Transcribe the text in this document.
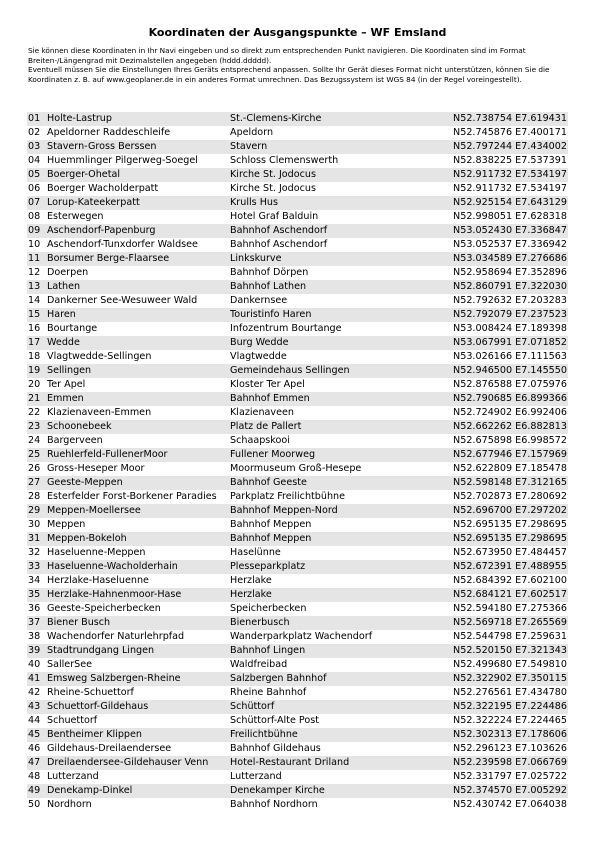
Koordinaten der Ausgangspunkte – WF Emsland

Sie können diese Koordinaten in Ihr Navi eingeben und so direkt zum entsprechenden Punkt navigieren. Die Koordinaten sind im Format Breiten-/Längengrad mit Dezimalstellen angegeben (hddd.ddddd).

Eventuell müssen Sie die Einstellungen Ihres Geräts entsprechend anpassen. Sollte Ihr Gerät dieses Format nicht unterstützen, können Sie die Koordinaten z. B. auf www.geoplaner.de in ein anderes Format umrechnen. Das Bezugssystem ist WGS 84 (in der Regel voreingestellt).

01 Holte-Lastrup	St.-Clemens-Kirche	N52.738754 E7.619431
02 Apeldorner Raddeschleife	Apeldorn	N52.745876 E7.400171
03 Stavern-Gross Berssen	Stavern	N52.797244 E7.434002
04 Huemmlinger Pilgerweg-Soegel	Schloss Clemenswerth	N52.838225 E7.537391
05 Boerger-Ohetal	Kirche St. Jodocus	N52.911732 E7.534197
06 Boerger Wacholderpatt	Kirche St. Jodocus	N52.911732 E7.534197
07 Lorup-Kateekerpatt	Krulls Hus	N52.925154 E7.643129
08 Esterwegen	Hotel Graf Balduin	N52.998051 E7.628318
09 Aschendorf-Papenburg	Bahnhof Aschendorf	N53.052430 E7.336847
10 Aschendorf-Tunxdorfer Waldsee	Bahnhof Aschendorf	N53.052537 E7.336942
11 Borsumer Berge-Flaarsee	Linkskurve	N53.034589 E7.276686
12 Doerpen	Bahnhof Dörpen	N52.958694 E7.352896
13 Lathen	Bahnhof Lathen	N52.860791 E7.322030
14 Dankerner See-Wesuweer Wald	Dankernsee	N52.792632 E7.203283
15 Haren	Touristinfo Haren	N52.792079 E7.237523
16 Bourtange	Infozentrum Bourtange	N53.008424 E7.189398
17 Wedde	Burg Wedde	N53.067991 E7.071852
18 Vlagtwedde-Sellingen	Vlagtwedde	N53.026166 E7.111563
19 Sellingen	Gemeindehaus Sellingen	N52.946500 E7.145550
20 Ter Apel	Kloster Ter Apel	N52.876588 E7.075976
21 Emmen	Bahnhof Emmen	N52.790685 E6.899366
22 Klazienaveen-Emmen	Klazienaveen	N52.724902 E6.992406
23 Schoonebeek	Platz de Pallert	N52.662262 E6.882813
24 Bargerveen	Schaapskooi	N52.675898 E6.998572
25 Ruehlerfeld-FullenerMoor	Fullener Moorweg	N52.677946 E7.157969
26 Gross-Heseper Moor	Moormuseum Groß-Hesepe	N52.622809 E7.185478
27 Geeste-Meppen	Bahnhof Geeste	N52.598148 E7.312165
28 Esterfelder Forst-Borkener Paradies	Parkplatz Freilichtbühne	N52.702873 E7.280692
29 Meppen-Moellersee	Bahnhof Meppen-Nord	N52.696700 E7.297202
30 Meppen	Bahnhof Meppen	N52.695135 E7.298695
31 Meppen-Bokeloh	Bahnhof Meppen	N52.695135 E7.298695
32 Haseluenne-Meppen	Haselünne	N52.673950 E7.484457
33 Haseluenne-Wacholderhain	Plesseparkplatz	N52.672391 E7.488955
34 Herzlake-Haseluenne	Herzlake	N52.684392 E7.602100
35 Herzlake-Hahnenmoor-Hase	Herzlake	N52.684121 E7.602517
36 Geeste-Speicherbecken	Speicherbecken	N52.594180 E7.275366
37 Biener Busch	Bienerbusch	N52.569718 E7.265569
38 Wachendorfer Naturlehrpfad	Wanderparkplatz Wachendorf	N52.544798 E7.259631
39 Stadtrundgang Lingen	Bahnhof Lingen	N52.520150 E7.321343
40 SallerSee	Waldfreibad	N52.499680 E7.549810
41 Emsweg Salzbergen-Rheine	Salzbergen Bahnhof	N52.322902 E7.350115
42 Rheine-Schuettorf	Rheine Bahnhof	N52.276561 E7.434780
43 Schuettorf-Gildehaus	Schüttorf	N52.322195 E7.224486
44 Schuettorf	Schüttorf-Alte Post	N52.322224 E7.224465
45 Bentheimer Klippen	Freilichtbühne	N52.302313 E7.178606
46 Gildehaus-Dreilaendersee	Bahnhof Gildehaus	N52.296123 E7.103626
47 Dreilaendersee-Gildehauser Venn	Hotel-Restaurant Driland	N52.239598 E7.066769
48 Lutterzand	Lutterzand	N52.331797 E7.025722
49 Denekamp-Dinkel	Denekamper Kirche	N52.374570 E7.005292
50 Nordhorn	Bahnhof Nordhorn	N52.430742 E7.064038
